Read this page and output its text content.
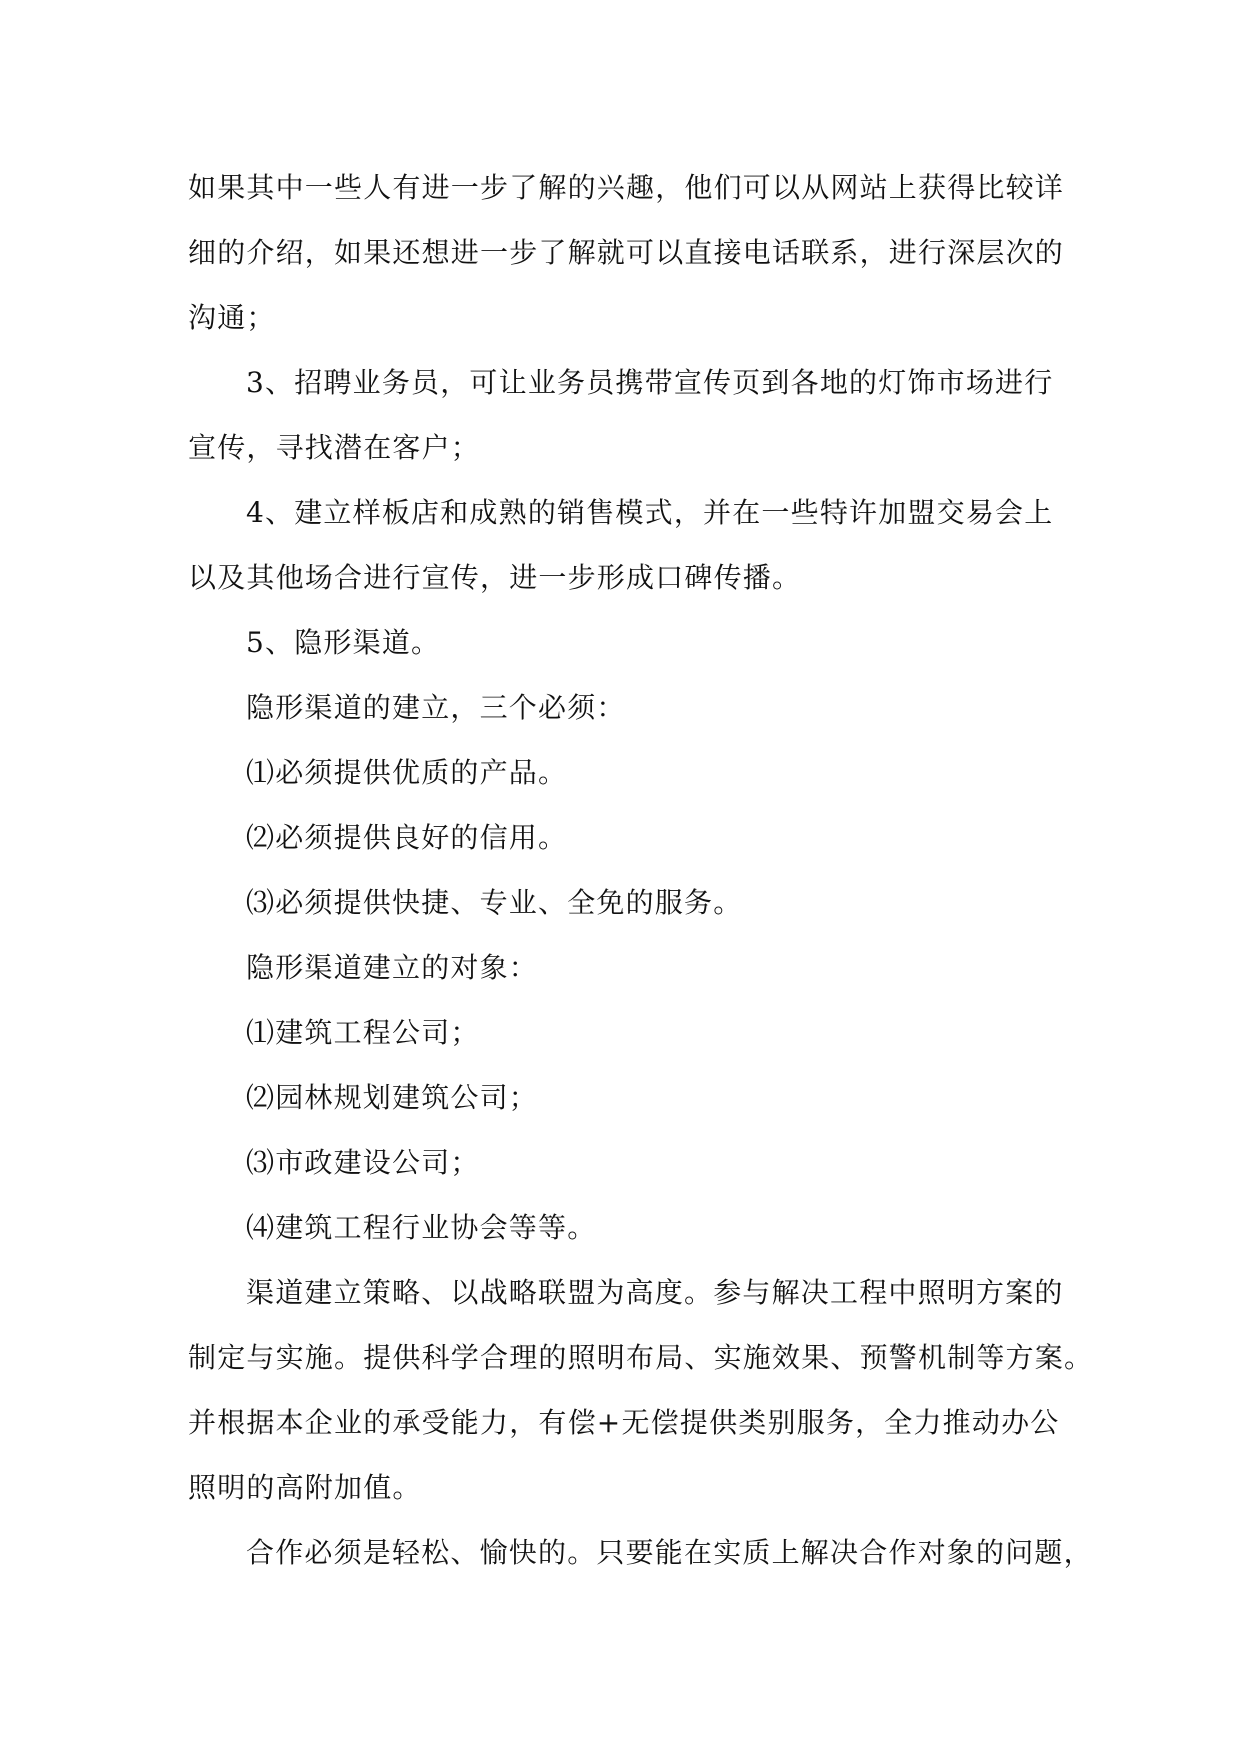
如果其中一些人有进一步了解的兴趣，他们可以从网站上获得比较详
细的介绍，如果还想进一步了解就可以直接电话联系，进行深层次的
沟通；
3、招聘业务员，可让业务员携带宣传页到各地的灯饰市场进行
宣传，寻找潜在客户；
4、建立样板店和成熟的销售模式，并在一些特许加盟交易会上
以及其他场合进行宣传，进一步形成口碑传播。
5、隐形渠道。
隐形渠道的建立，三个必须：
⑴必须提供优质的产品。
⑵必须提供良好的信用。
⑶必须提供快捷、专业、全免的服务。
隐形渠道建立的对象：
⑴建筑工程公司；
⑵园林规划建筑公司；
⑶市政建设公司；
⑷建筑工程行业协会等等。
渠道建立策略、以战略联盟为高度。参与解决工程中照明方案的
制定与实施。提供科学合理的照明布局、实施效果、预警机制等方案。
并根据本企业的承受能力，有偿+无偿提供类别服务，全力推动办公
照明的高附加值。
合作必须是轻松、愉快的。只要能在实质上解决合作对象的问题，
